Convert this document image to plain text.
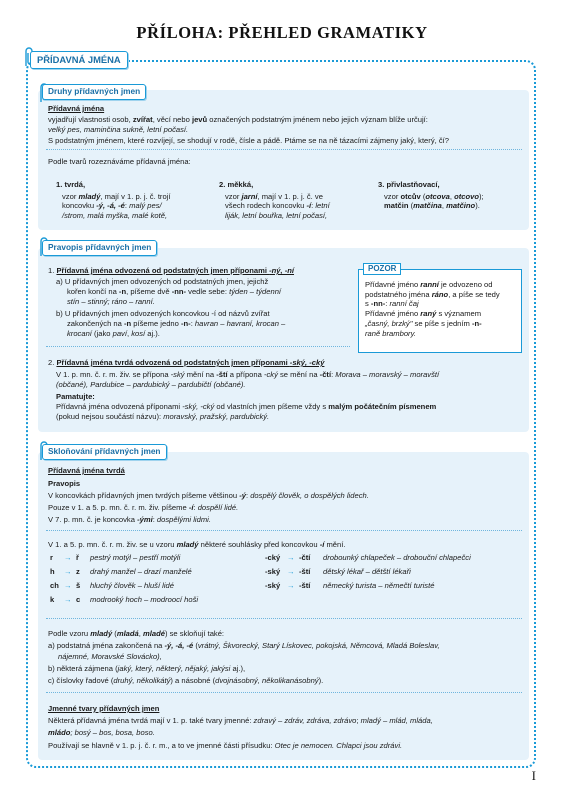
PŘÍLOHA: PŘEHLED GRAMATIKY
PŘÍDAVNÁ JMÉNA
Druhy přídavných jmen
Přídavná jména
vyjadřují vlastnosti osob, zvířat, věcí nebo jevů označených podstatným jménem nebo jejich význam blíže určují:
velký pes, maminčina sukně, letní počasí.
S podstatným jménem, které rozvíjejí, se shodují v rodě, čísle a pádě. Ptáme se na ně tázacími zájmeny jaký, který, čí?
Podle tvarů rozeznáváme přídavná jména:
1. tvrdá,
vzor mladý, mají v 1. p. j. č. trojí
koncovku -ý, -á, -é: malý pes/
/strom, malá myška, malé kotě,
2. měkká,
vzor jarní, mají v 1. p. j. č. ve
všech rodech koncovku -í: letní
liják, letní bouřka, letní počasí,
3. přivlastňovací,
vzor otcův (otcova, otcovo);
matčin (matčina, matčino).
Pravopis přídavných jmen
1. Přídavná jména odvozená od podstatných jmen příponami -ný, -ní
a) U přídavných jmen odvozených od podstatných jmen, jejichž
kořen končí na -n, píšeme dvě -nn- vedle sebe: týden – týdenní
stín – stinný; ráno – ranní.
b) U přídavných jmen odvozených koncovkou -í od názvů zvířat
zakončených na -n píšeme jedno -n-: havran – havraní, krocan –
krocaní (jako paví, kosí aj.).
Přídavné jméno ranní je odvozeno od
podstatného jména ráno, a píše se tedy
s -nn-: ranní čaj
Přídavné jméno raný s významem
„časný, brzký" se píše s jedním -n-
raně brambory.
POZOR
2. Přídavná jména tvrdá odvozená od podstatných jmen příponami -ský, -cký
V 1. p. mn. č. r. m. živ. se přípona -ský mění na -ští a přípona -cký se mění na -čtí: Morava – moravský – moravští
(občané), Pardubice – pardubický – pardubičtí (občané).
Pamatujte:
Přídavná jména odvozená příponami -ský, -cký od vlastních jmen píšeme vždy s malým počátečním písmenem
(pokud nejsou součástí názvu): moravský, pražský, pardubický.
Skloňování přídavných jmen
Přídavná jména tvrdá
Pravopis
V koncovkách přídavných jmen tvrdých píšeme většinou -ý: dospělý člověk, o dospělých lidech.
Pouze v 1. a 5. p. mn. č. r. m. živ. píšeme -í: dospělí lidé.
V 7. p. mn. č. je koncovka -ými: dospělými lidmi.
V 1. a 5. p. mn. č. r. m. živ. se u vzoru mladý některé souhlásky před koncovkou -í mění.
r → ř pestrý motýl – pestří motýli
h → z drahý manžel – drazí manželé
ch → š hluchý člověk – hluší lidé
k → c modrooký hoch – modroocí hoši
-cký → -čtí drobounký chlapeček – drobouční chlapečci
-ský → -ští dětský lékař – dětští lékaři
-ský → -ští německý turista – němečtí turisté
Podle vzoru mladý (mladá, mladé) se skloňují také:
a) podstatná jména zakončená na -ý, -á, -é (vrátný, Škvorecký, Starý Lískovec, pokojská, Němcová, Mladá Boleslav,
nájemné, Moravské Slovácko),
b) některá zájmena (jaký, který, některý, nějaký, jakýsi aj.),
c) číslovky řadové (druhý, několikátý) a násobné (dvojnásobný, několikanásobný).
Jmenné tvary přídavných jmen
Některá přídavná jména tvrdá mají v 1. p. také tvary jmenné: zdravý – zdráv, zdráva, zdrávo; mladý – mlád, mláda,
mládo; bosý – bos, bosa, boso.
Používají se hlavně v 1. p. j. č. r. m., a to ve jmenné části přísudku: Otec je nemocen. Chlapci jsou zdrávi.
I
